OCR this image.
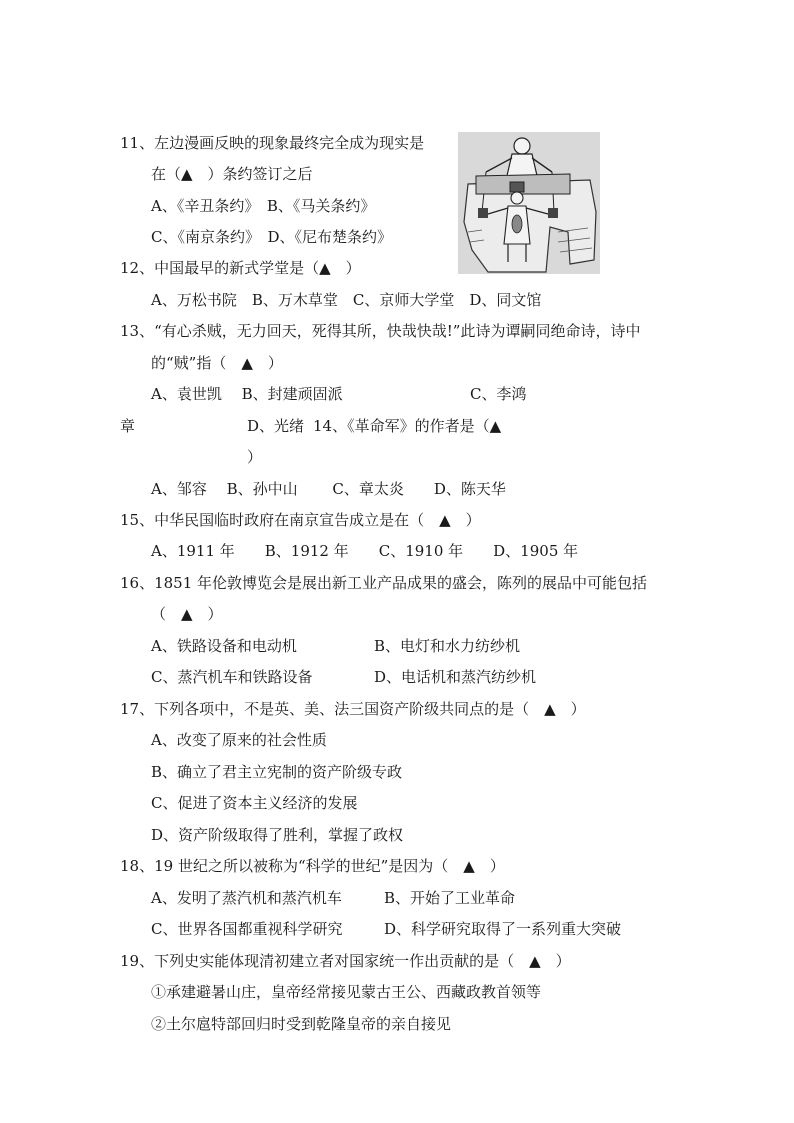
11、左边漫画反映的现象最终完全成为现实是
在（▲　）条约签订之后
A、《辛丑条约》　B、《马关条约》
C、《南京条约》　D、《尼布楚条约》
12、中国最早的新式学堂是（▲　）
A、万松书院　B、万木草堂　C、京师大学堂　D、同文馆
13、“有心杀贼，无力回天，死得其所，快哉快哉!”此诗为谭嗣同绝命诗，诗中
的“贼”指（　▲　）
A、袁世凯　 B、封建顽固派	C、李鸿
章	D、光绪 14、《革命军》的作者是（▲
）
A、邹容　 B、孙中山　　 C、章太炎　　D、陈天华
15、中华民国临时政府在南京宣告成立是在（　▲　）
A、1911 年　　B、1912 年　　C、1910 年　　D、1905 年
16、1851 年伦敦博览会是展出新工业产品成果的盛会，陈列的展品中可能包括
（　▲　）
A、铁路设备和电动机	B、电灯和水力纺纱机
C、蒸汽机车和铁路设备	D、电话机和蒸汽纺纱机
17、下列各项中，不是英、美、法三国资产阶级共同点的是（　▲　）
A、改变了原来的社会性质
B、确立了君主立宪制的资产阶级专政
C、促进了资本主义经济的发展
D、资产阶级取得了胜利，掌握了政权
18、19 世纪之所以被称为“科学的世纪”是因为（　▲　）
A、发明了蒸汽机和蒸汽机车	B、开始了工业革命
C、世界各国都重视科学研究	D、科学研究取得了一系列重大突破
19、下列史实能体现清初建立者对国家统一作出贡献的是（　▲　）
①承建避暑山庄，皇帝经常接见蒙古王公、西藏政教首领等
②土尔扈特部回归时受到乾隆皇帝的亲自接见
